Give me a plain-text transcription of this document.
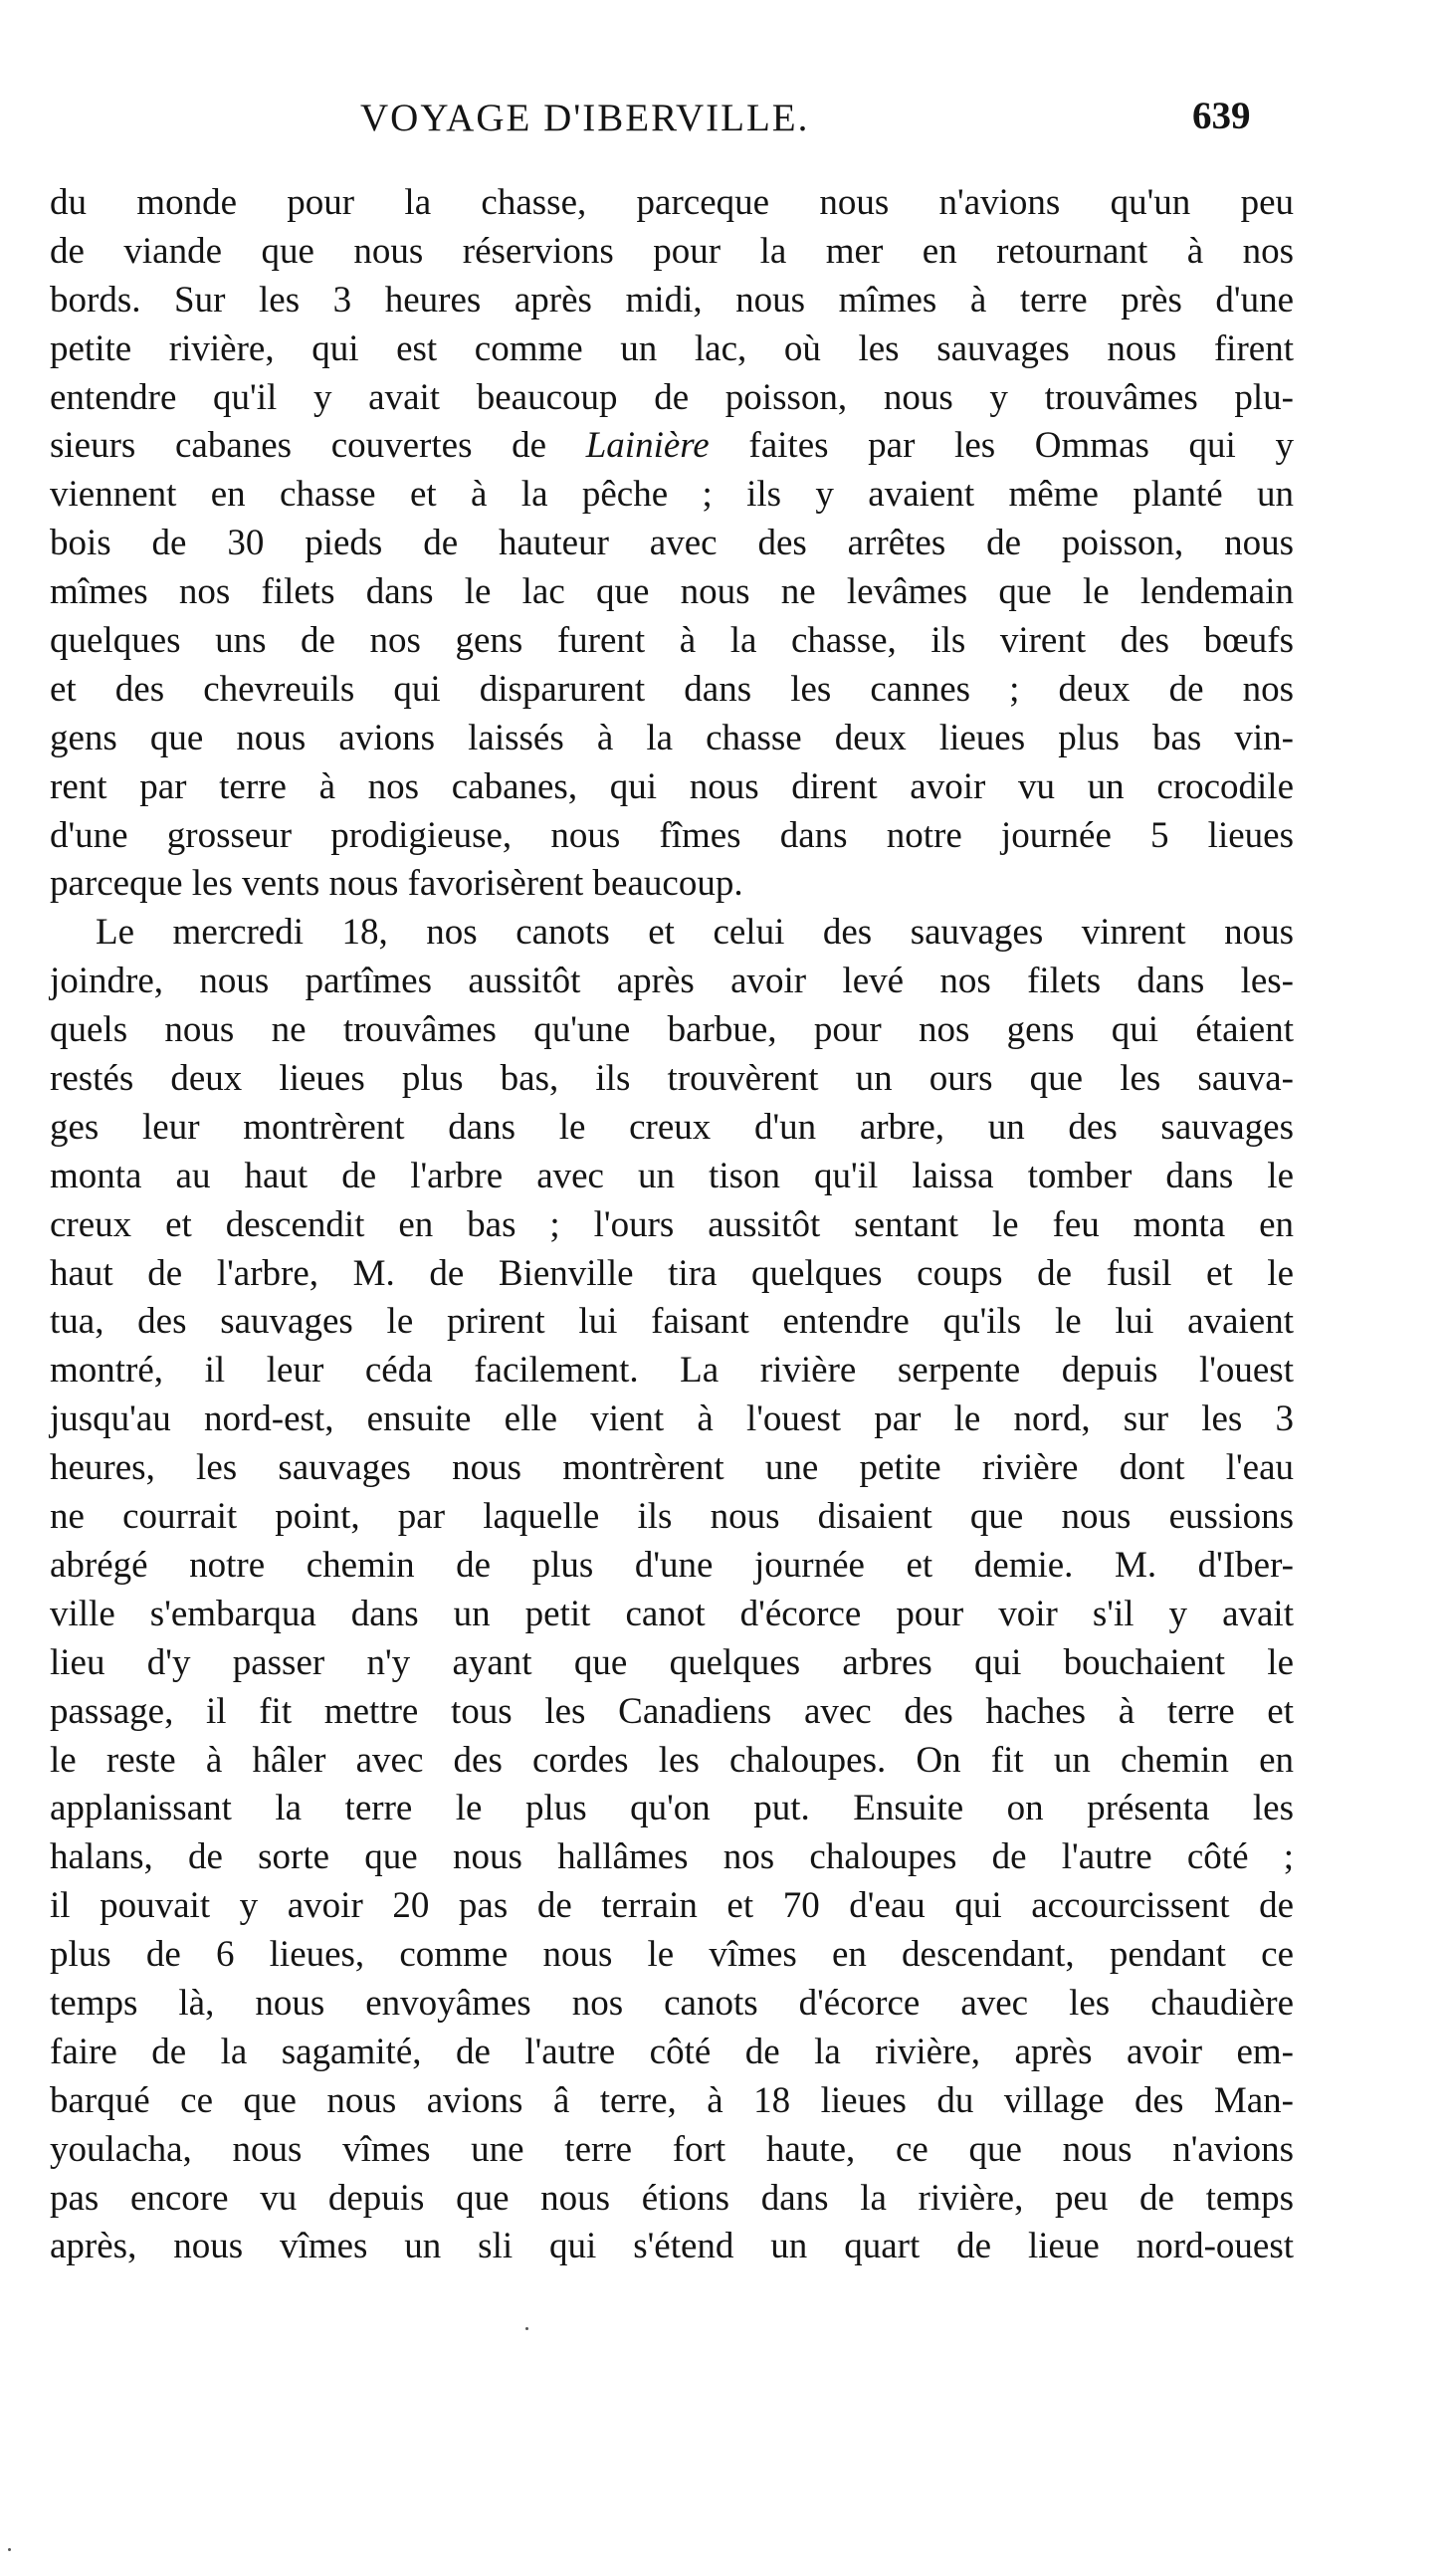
VOYAGE D'IBERVILLE.	639
du monde pour la chasse, parceque nous n'avions qu'un peu
de viande que nous réservions pour la mer en retournant à nos
bords. Sur les 3 heures après midi, nous mîmes à terre près d'une
petite rivière, qui est comme un lac, où les sauvages nous firent
entendre qu'il y avait beaucoup de poisson, nous y trouvâmes plu-
sieurs cabanes couvertes de Lainière faites par les Ommas qui y
viennent en chasse et à la pêche ; ils y avaient même planté un
bois de 30 pieds de hauteur avec des arrêtes de poisson, nous
mîmes nos filets dans le lac que nous ne levâmes que le lendemain
quelques uns de nos gens furent à la chasse, ils virent des bœufs
et des chevreuils qui disparurent dans les cannes ; deux de nos
gens que nous avions laissés à la chasse deux lieues plus bas vin-
rent par terre à nos cabanes, qui nous dirent avoir vu un crocodile
d'une grosseur prodigieuse, nous fîmes dans notre journée 5 lieues
parceque les vents nous favorisèrent beaucoup.
Le mercredi 18, nos canots et celui des sauvages vinrent nous
joindre, nous partîmes aussitôt après avoir levé nos filets dans les-
quels nous ne trouvâmes qu'une barbue, pour nos gens qui étaient
restés deux lieues plus bas, ils trouvèrent un ours que les sauva-
ges leur montrèrent dans le creux d'un arbre, un des sauvages
monta au haut de l'arbre avec un tison qu'il laissa tomber dans le
creux et descendit en bas ; l'ours aussitôt sentant le feu monta en
haut de l'arbre, M. de Bienville tira quelques coups de fusil et le
tua, des sauvages le prirent lui faisant entendre qu'ils le lui avaient
montré, il leur céda facilement. La rivière serpente depuis l'ouest
jusqu'au nord-est, ensuite elle vient à l'ouest par le nord, sur les 3
heures, les sauvages nous montrèrent une petite rivière dont l'eau
ne courrait point, par laquelle ils nous disaient que nous eussions
abrégé notre chemin de plus d'une journée et demie. M. d'Iber-
ville s'embarqua dans un petit canot d'écorce pour voir s'il y avait
lieu d'y passer n'y ayant que quelques arbres qui bouchaient le
passage, il fit mettre tous les Canadiens avec des haches à terre et
le reste à hâler avec des cordes les chaloupes. On fit un chemin en
applanissant la terre le plus qu'on put. Ensuite on présenta les
halans, de sorte que nous hallâmes nos chaloupes de l'autre côté ;
il pouvait y avoir 20 pas de terrain et 70 d'eau qui accourcissent de
plus de 6 lieues, comme nous le vîmes en descendant, pendant ce
temps là, nous envoyâmes nos canots d'écorce avec les chaudière
faire de la sagamité, de l'autre côté de la rivière, après avoir em-
barqué ce que nous avions â terre, à 18 lieues du village des Man-
youlacha, nous vîmes une terre fort haute, ce que nous n'avions
pas encore vu depuis que nous étions dans la rivière, peu de temps
après, nous vîmes un sli qui s'étend un quart de lieue nord-ouest
